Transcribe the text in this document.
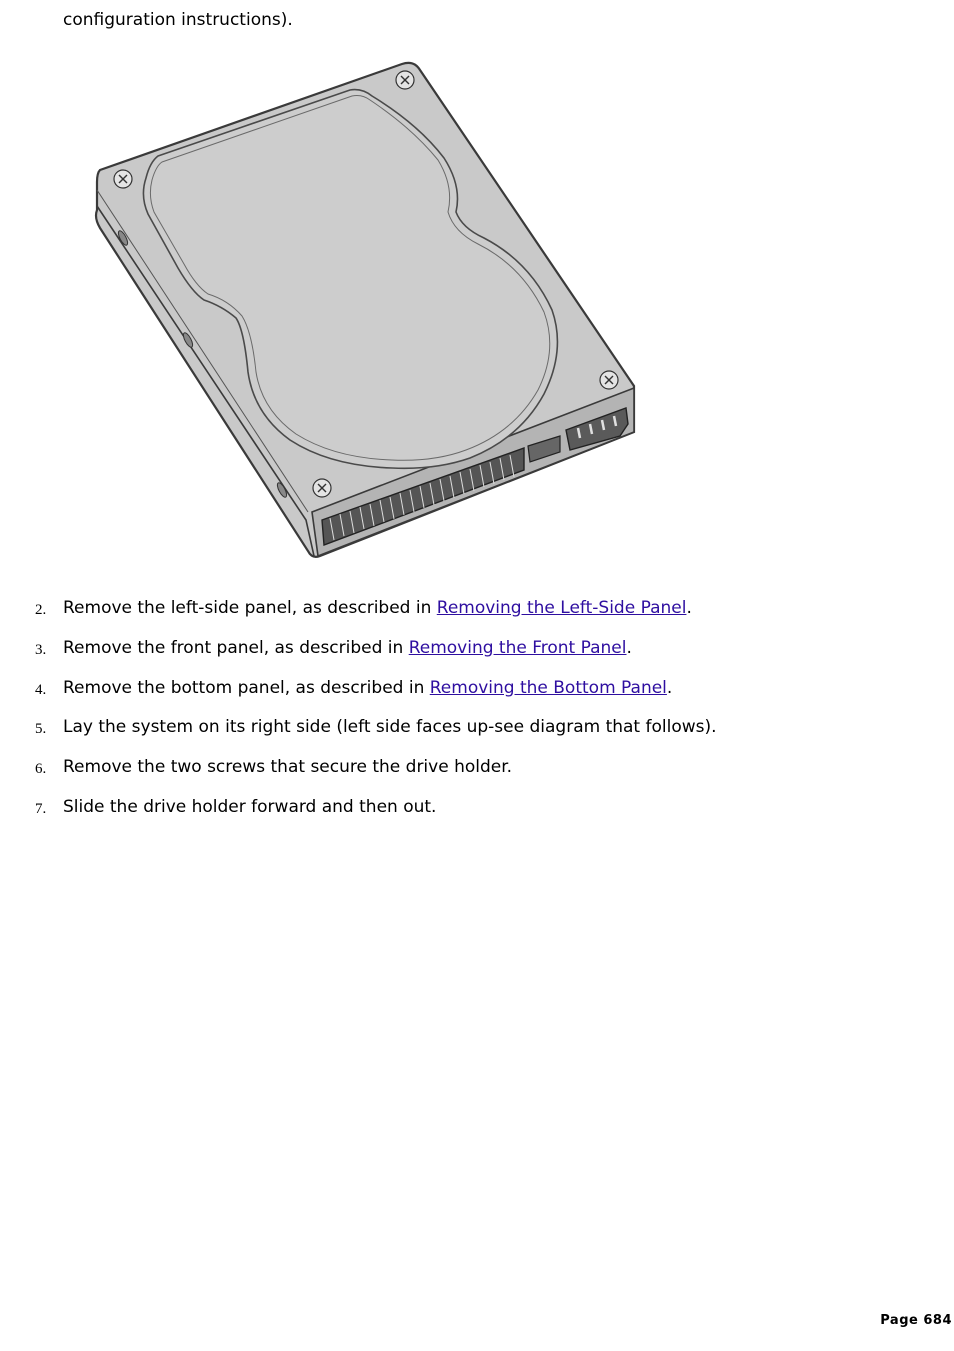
configuration instructions).
2. Remove the left-side panel, as described in Removing the Left-Side Panel.
3. Remove the front panel, as described in Removing the Front Panel.
4. Remove the bottom panel, as described in Removing the Bottom Panel.
5. Lay the system on its right side (left side faces up-see diagram that follows).
6. Remove the two screws that secure the drive holder.
7. Slide the drive holder forward and then out.
Page 684
